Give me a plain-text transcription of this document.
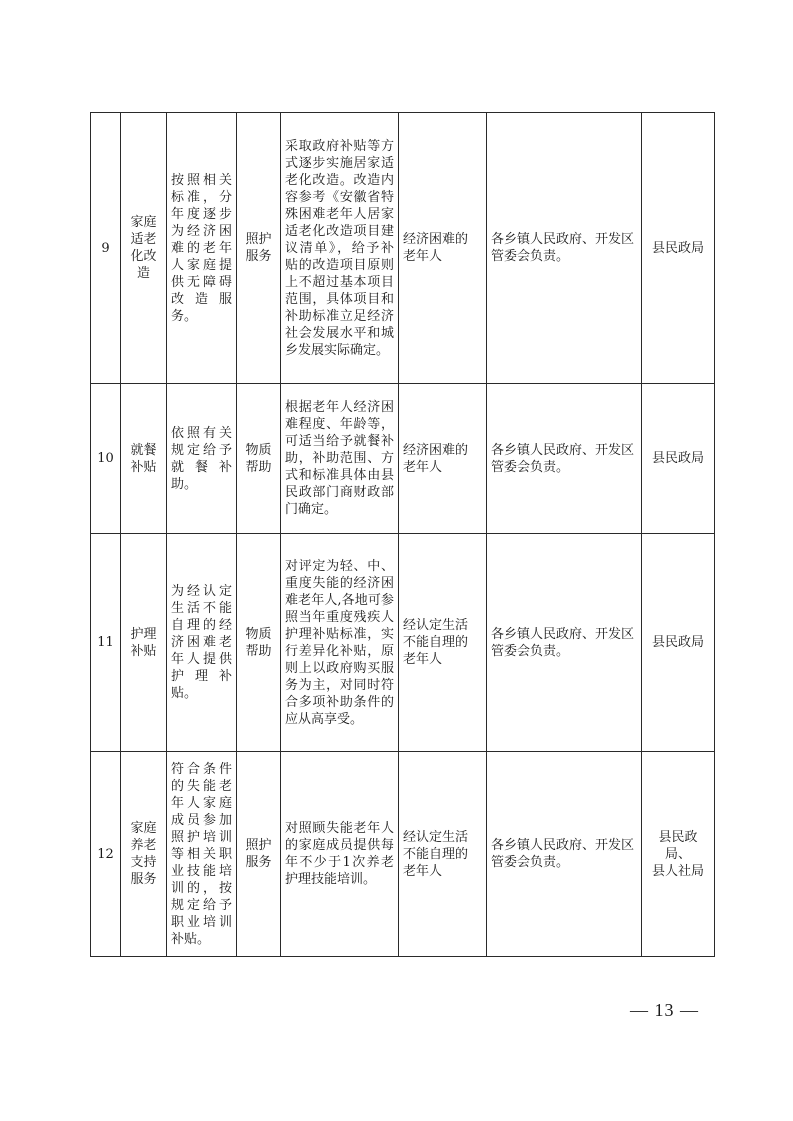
9	家庭
适老
化改
造	按照相关标准，分年度逐步为经济困难的老年人家庭提供无障碍改造服务。	照护
服务	采取政府补贴等方式逐步实施居家适老化改造。改造内容参考《安徽省特殊困难老年人居家适老化改造项目建议清单》，给予补贴的改造项目原则上不超过基本项目范围，具体项目和补助标准立足经济社会发展水平和城乡发展实际确定。	经济困难的
老年人	各乡镇人民政府、开发区
管委会负责。	县民政局

10	就餐
补贴	依照有关规定给予就餐补助。	物质
帮助	根据老年人经济困难程度、年龄等，可适当给予就餐补助，补助范围、方式和标准具体由县民政部门商财政部门确定。	经济困难的
老年人	各乡镇人民政府、开发区
管委会负责。	县民政局

11	护理
补贴	为经认定生活不能自理的经济困难老年人提供护理补贴。	物质
帮助	对评定为轻、中、重度失能的经济困难老年人,各地可参照当年重度残疾人护理补贴标准，实行差异化补贴，原则上以政府购买服务为主，对同时符合多项补助条件的应从高享受。	经认定生活
不能自理的
老年人	各乡镇人民政府、开发区
管委会负责。	县民政局

12	家庭
养老
支持
服务	符合条件的失能老年人家庭成员参加照护培训等相关职业技能培训的，按规定给予职业培训补贴。	照护
服务	对照顾失能老年人的家庭成员提供每年不少于1次养老护理技能培训。	经认定生活
不能自理的
老年人	各乡镇人民政府、开发区
管委会负责。	县民政局、
县人社局
— 13 —
